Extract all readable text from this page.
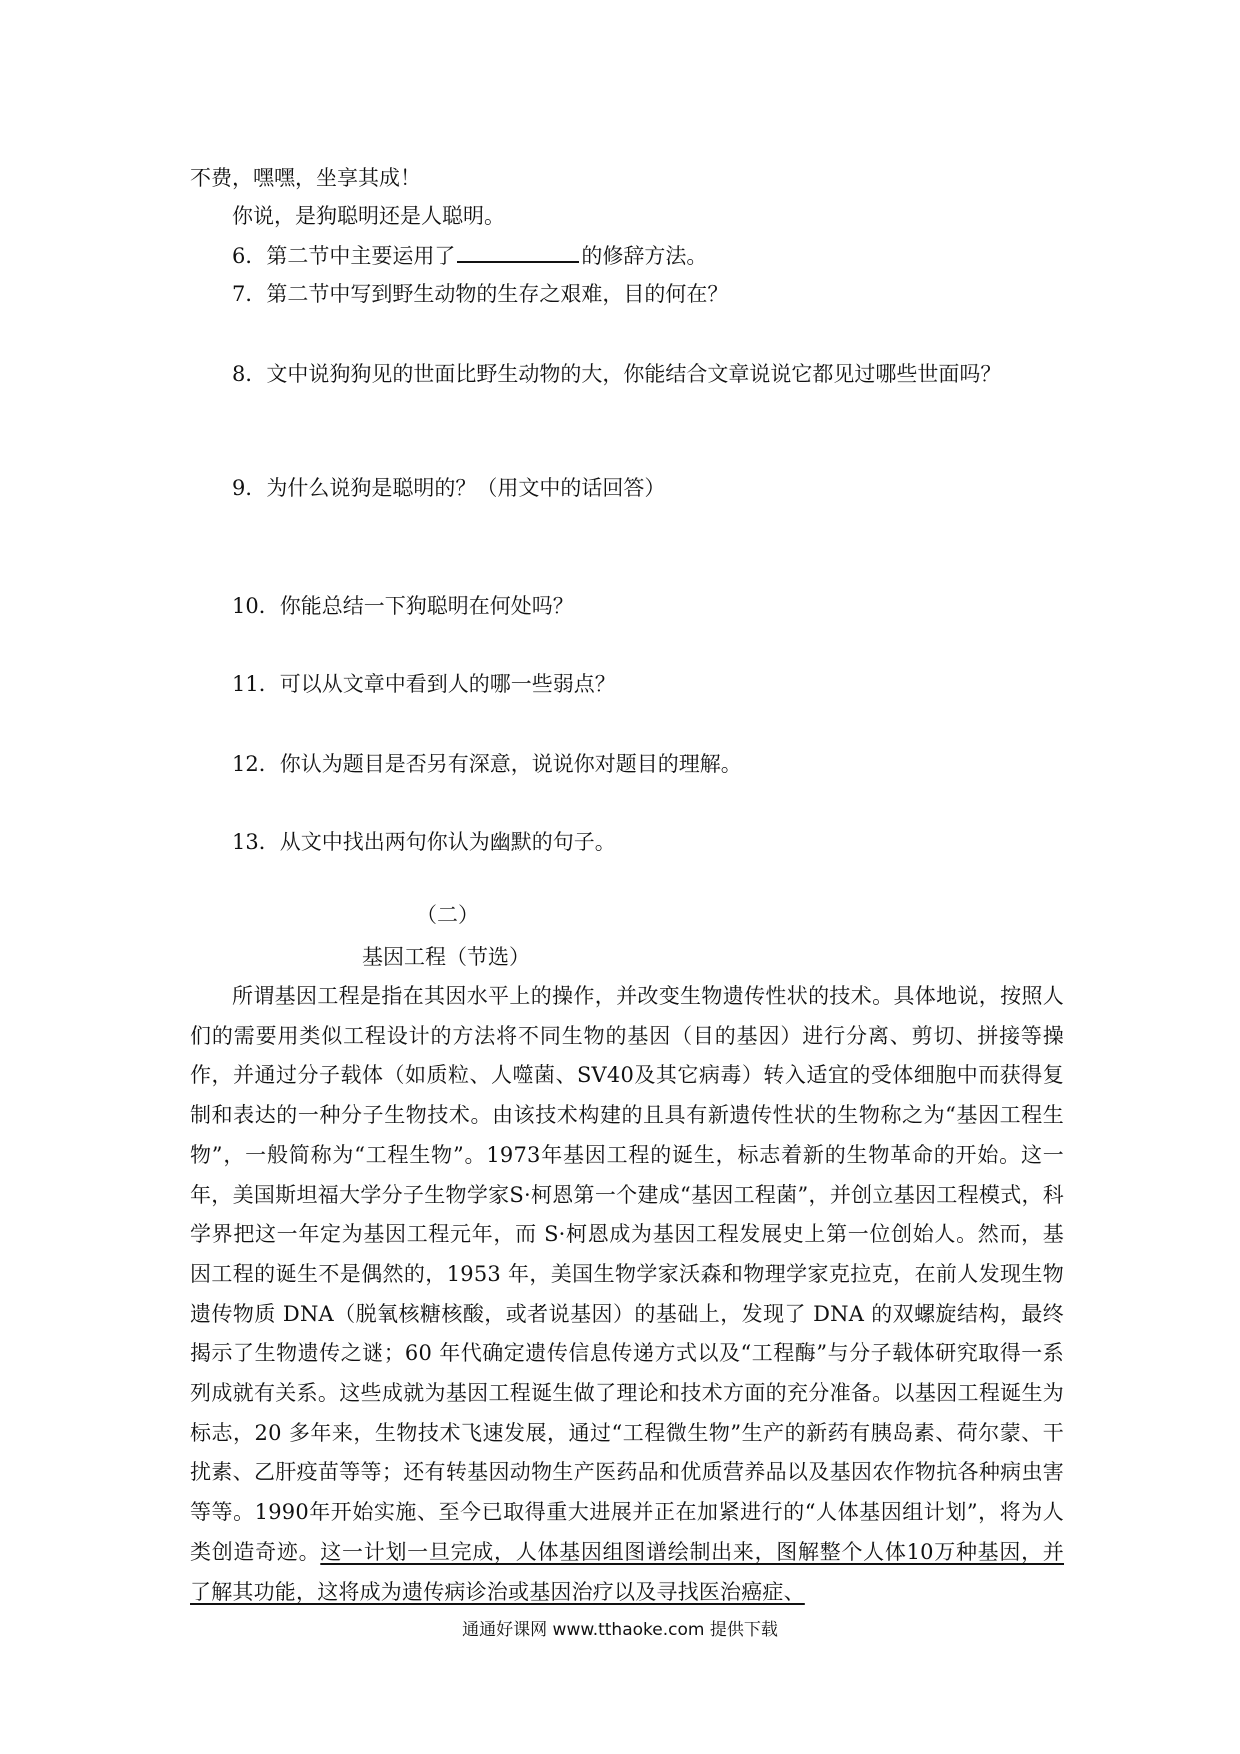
不费，嘿嘿，坐享其成！
你说，是狗聪明还是人聪明。
6．第二节中主要运用了	的修辞方法。
7．第二节中写到野生动物的生存之艰难，目的何在？
8．文中说狗狗见的世面比野生动物的大，你能结合文章说说它都见过哪些世面吗？
9．为什么说狗是聪明的？（用文中的话回答）
10．你能总结一下狗聪明在何处吗？
11．可以从文章中看到人的哪一些弱点？
12．你认为题目是否另有深意，说说你对题目的理解。
13．从文中找出两句你认为幽默的句子。
（二）
基因工程（节选）
所谓基因工程是指在其因水平上的操作，并改变生物遗传性状的技术。具体地说，按照人们的需要用类似工程设计的方法将不同生物的基因（目的基因）进行分离、剪切、拼接等操作，并通过分子载体（如质粒、人噬菌、SV40及其它病毒）转入适宜的受体细胞中而获得复制和表达的一种分子生物技术。由该技术构建的且具有新遗传性状的生物称之为“基因工程生物”，一般简称为“工程生物”。1973年基因工程的诞生，标志着新的生物革命的开始。这一年，美国斯坦福大学分子生物学家S·柯恩第一个建成“基因工程菌”，并创立基因工程模式，科学界把这一年定为基因工程元年，而 S·柯恩成为基因工程发展史上第一位创始人。然而，基因工程的诞生不是偶然的，1953 年，美国生物学家沃森和物理学家克拉克，在前人发现生物遗传物质 DNA（脱氧核糖核酸，或者说基因）的基础上，发现了 DNA 的双螺旋结构，最终揭示了生物遗传之谜；60 年代确定遗传信息传递方式以及“工程酶”与分子载体研究取得一系列成就有关系。这些成就为基因工程诞生做了理论和技术方面的充分准备。以基因工程诞生为标志，20 多年来，生物技术飞速发展，通过“工程微生物”生产的新药有胰岛素、荷尔蒙、干扰素、乙肝疫苗等等；还有转基因动物生产医药品和优质营养品以及基因农作物抗各种病虫害等等。1990年开始实施、至今已取得重大进展并正在加紧进行的“人体基因组计划”，将为人类创造奇迹。这一计划一旦完成，人体基因组图谱绘制出来，图解整个人体10万种基因，并了解其功能，这将成为遗传病诊治或基因治疗以及寻找医治癌症、
通通好课网 www.tthaoke.com 提供下载
